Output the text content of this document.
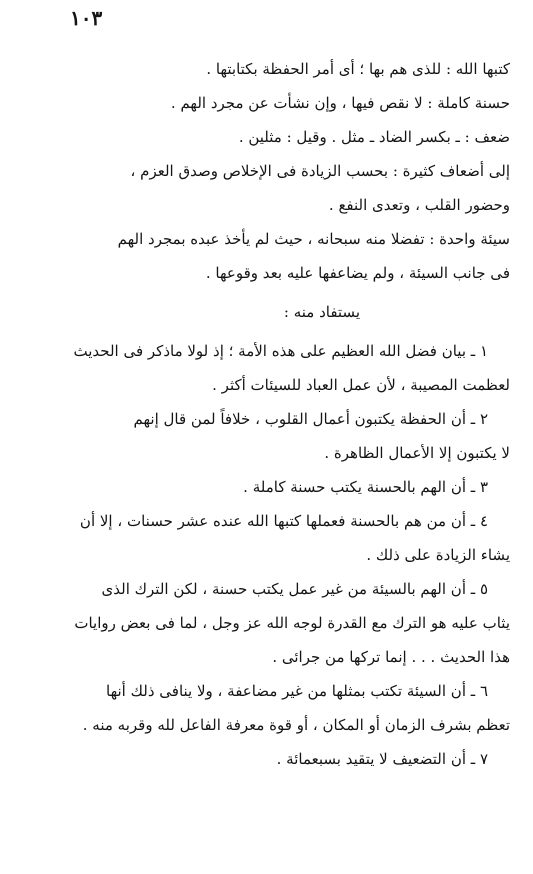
١٠٣

كتبها الله : للذى هم بها ؛ أى أمر الحفظة بكتابتها .

حسنة كاملة : لا نقص فيها ، وإن نشأت عن مجرد الهم .

ضعف : ـ بكسر الضاد ـ مثل . وقيل : مثلين .

إلى أضعاف كثيرة : بحسب الزيادة فى الإخلاص وصدق العزم ،

وحضور القلب ، وتعدى النفع .

سيئة واحدة : تفضلا منه سبحانه ، حيث لم يأخذ عبده بمجرد الهم

فى جانب السيئة ، ولم يضاعفها عليه بعد وقوعها .

يستفاد منه :

١ ـ بيان فضل الله العظيم على هذه الأمة ؛ إذ لولا ماذكر فى الحديث

لعظمت المصيبة ، لأن عمل العباد للسيئات أكثر .

٢ ـ أن الحفظة يكتبون أعمال القلوب ، خلافاً لمن قال إنهم

لا يكتبون إلا الأعمال الظاهرة .

٣ ـ أن الهم بالحسنة يكتب حسنة كاملة .

٤ ـ أن من هم بالحسنة فعملها كتبها الله عنده عشر حسنات ، إلا أن

يشاء الزيادة على ذلك .

٥ ـ أن الهم بالسيئة من غير عمل يكتب حسنة ، لكن الترك الذى

يثاب عليه هو الترك مع القدرة لوجه الله عز وجل ، لما فى بعض روايات

هذا الحديث . . . إنما تركها من جرائى .

٦ ـ أن السيئة تكتب بمثلها من غير مضاعفة ، ولا ينافى ذلك أنها

تعظم بشرف الزمان أو المكان ، أو قوة معرفة الفاعل لله وقربه منه .

٧ ـ أن التضعيف لا يتقيد بسبعمائة .
